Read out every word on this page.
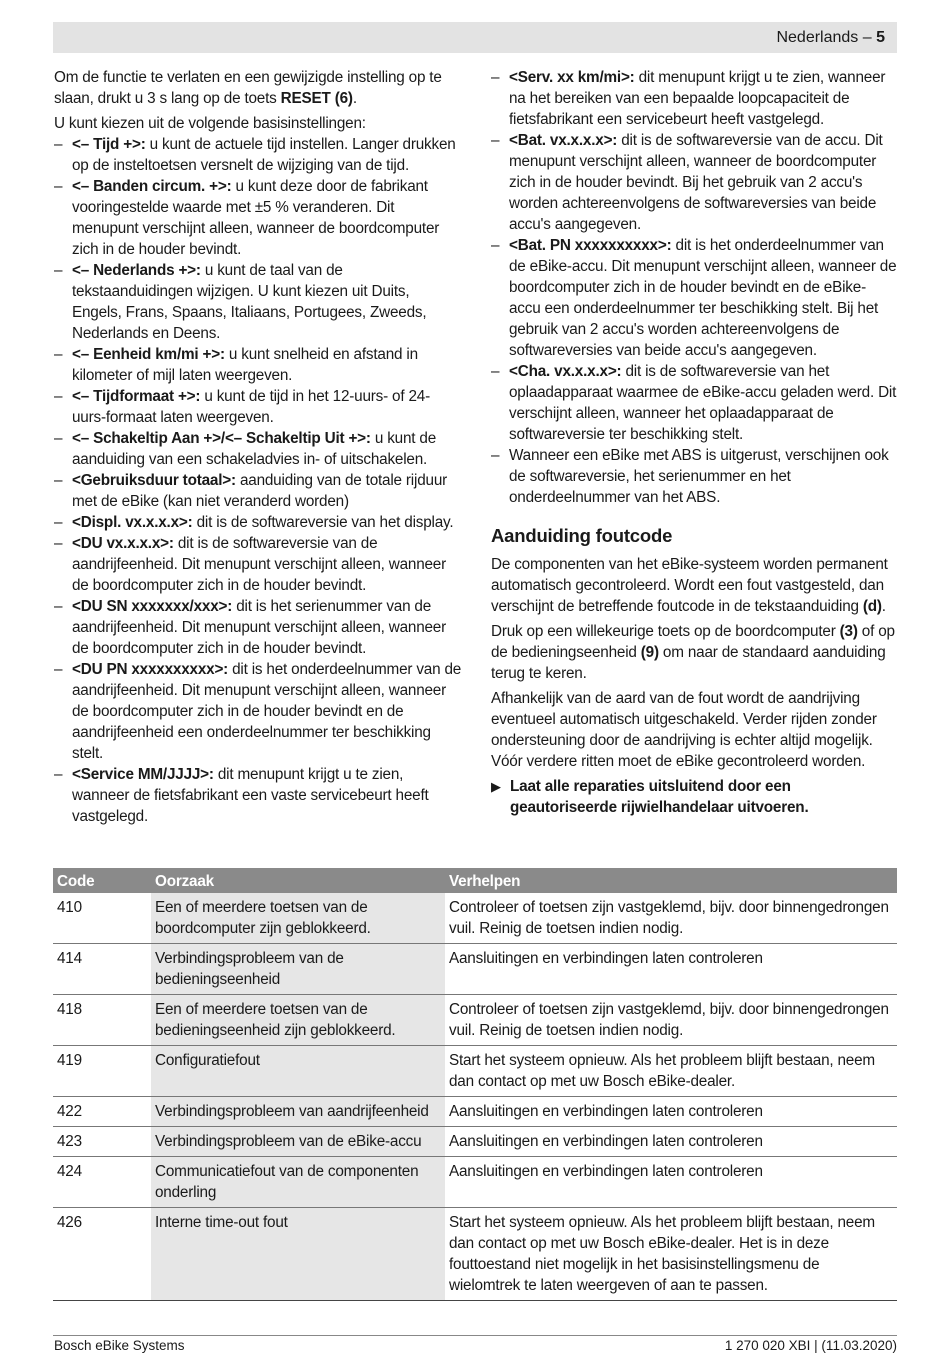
Nederlands – 5

Om de functie te verlaten en een gewijzigde instelling op te slaan, drukt u 3 s lang op de toets RESET (6).

U kunt kiezen uit de volgende basisinstellingen:

– <– Tijd +>: u kunt de actuele tijd instellen. Langer drukken op de insteltoetsen versnelt de wijziging van de tijd.
– <– Banden circum. +>: u kunt deze door de fabrikant vooringestelde waarde met ±5 % veranderen. Dit menupunt verschijnt alleen, wanneer de boordcomputer zich in de houder bevindt.
– <– Nederlands +>: u kunt de taal van de tekstaanduidingen wijzigen. U kunt kiezen uit Duits, Engels, Frans, Spaans, Italiaans, Portugees, Zweeds, Nederlands en Deens.
– <– Eenheid km/mi +>: u kunt snelheid en afstand in kilometer of mijl laten weergeven.
– <– Tijdformaat +>: u kunt de tijd in het 12-uurs- of 24-uurs-formaat laten weergeven.
– <– Schakeltip Aan +>/<– Schakeltip Uit +>: u kunt de aanduiding van een schakeladvies in- of uitschakelen.
– <Gebruiksduur totaal>: aanduiding van de totale rijduur met de eBike (kan niet veranderd worden)
– <Displ. vx.x.x.x>: dit is de softwareversie van het display.
– <DU vx.x.x.x>: dit is de softwareversie van de aandrijfeenheid. Dit menupunt verschijnt alleen, wanneer de boordcomputer zich in de houder bevindt.
– <DU SN xxxxxxx/xxx>: dit is het serienummer van de aandrijfeenheid. Dit menupunt verschijnt alleen, wanneer de boordcomputer zich in de houder bevindt.
– <DU PN xxxxxxxxxx>: dit is het onderdeelnummer van de aandrijfeenheid. Dit menupunt verschijnt alleen, wanneer de boordcomputer zich in de houder bevindt en de aandrijfeenheid een onderdeelnummer ter beschikking stelt.
– <Service MM/JJJJ>: dit menupunt krijgt u te zien, wanneer de fietsfabrikant een vaste servicebeurt heeft vastgelegd.
– <Serv. xx km/mi>: dit menupunt krijgt u te zien, wanneer na het bereiken van een bepaalde loopcapaciteit de fietsfabrikant een servicebeurt heeft vastgelegd.
– <Bat. vx.x.x.x>: dit is de softwareversie van de accu. Dit menupunt verschijnt alleen, wanneer de boordcomputer zich in de houder bevindt. Bij het gebruik van 2 accu's worden achtereenvolgens de softwareversies van beide accu's aangegeven.
– <Bat. PN xxxxxxxxxx>: dit is het onderdeelnummer van de eBike-accu. Dit menupunt verschijnt alleen, wanneer de boordcomputer zich in de houder bevindt en de eBike-accu een onderdeelnummer ter beschikking stelt. Bij het gebruik van 2 accu's worden achtereenvolgens de softwareversies van beide accu's aangegeven.
– <Cha. vx.x.x.x>: dit is de softwareversie van het oplaadapparaat waarmee de eBike-accu geladen werd. Dit verschijnt alleen, wanneer het oplaadapparaat de softwareversie ter beschikking stelt.
– Wanneer een eBike met ABS is uitgerust, verschijnen ook de softwareversie, het serienummer en het onderdeelnummer van het ABS.
Aanduiding foutcode

De componenten van het eBike-systeem worden permanent automatisch gecontroleerd. Wordt een fout vastgesteld, dan verschijnt de betreffende foutcode in de tekstaanduiding (d).

Druk op een willekeurige toets op de boordcomputer (3) of op de bedieningseenheid (9) om naar de standaard aanduiding terug te keren.

Afhankelijk van de aard van de fout wordt de aandrijving eventueel automatisch uitgeschakeld. Verder rijden zonder ondersteuning door de aandrijving is echter altijd mogelijk. Vóór verdere ritten moet de eBike gecontroleerd worden.

▶ Laat alle reparaties uitsluitend door een geautoriseerde rijwielhandelaar uitvoeren.
Code	Oorzaak	Verhelpen
410	Een of meerdere toetsen van de boordcomputer zijn geblokkeerd.	Controleer of toetsen zijn vastgeklemd, bijv. door binnengedrongen vuil. Reinig de toetsen indien nodig.
414	Verbindingsprobleem van de bedieningseenheid	Aansluitingen en verbindingen laten controleren
418	Een of meerdere toetsen van de bedieningseenheid zijn geblokkeerd.	Controleer of toetsen zijn vastgeklemd, bijv. door binnengedrongen vuil. Reinig de toetsen indien nodig.
419	Configuratiefout	Start het systeem opnieuw. Als het probleem blijft bestaan, neem dan contact op met uw Bosch eBike-dealer.
422	Verbindingsprobleem van aandrijfeenheid	Aansluitingen en verbindingen laten controleren
423	Verbindingsprobleem van de eBike-accu	Aansluitingen en verbindingen laten controleren
424	Communicatiefout van de componenten onderling	Aansluitingen en verbindingen laten controleren
426	Interne time-out fout	Start het systeem opnieuw. Als het probleem blijft bestaan, neem dan contact op met uw Bosch eBike-dealer. Het is in deze fouttoestand niet mogelijk in het basisinstellingsmenu de wielomtrek te laten weergeven of aan te passen.
Bosch eBike Systems	1 270 020 XBI | (11.03.2020)
